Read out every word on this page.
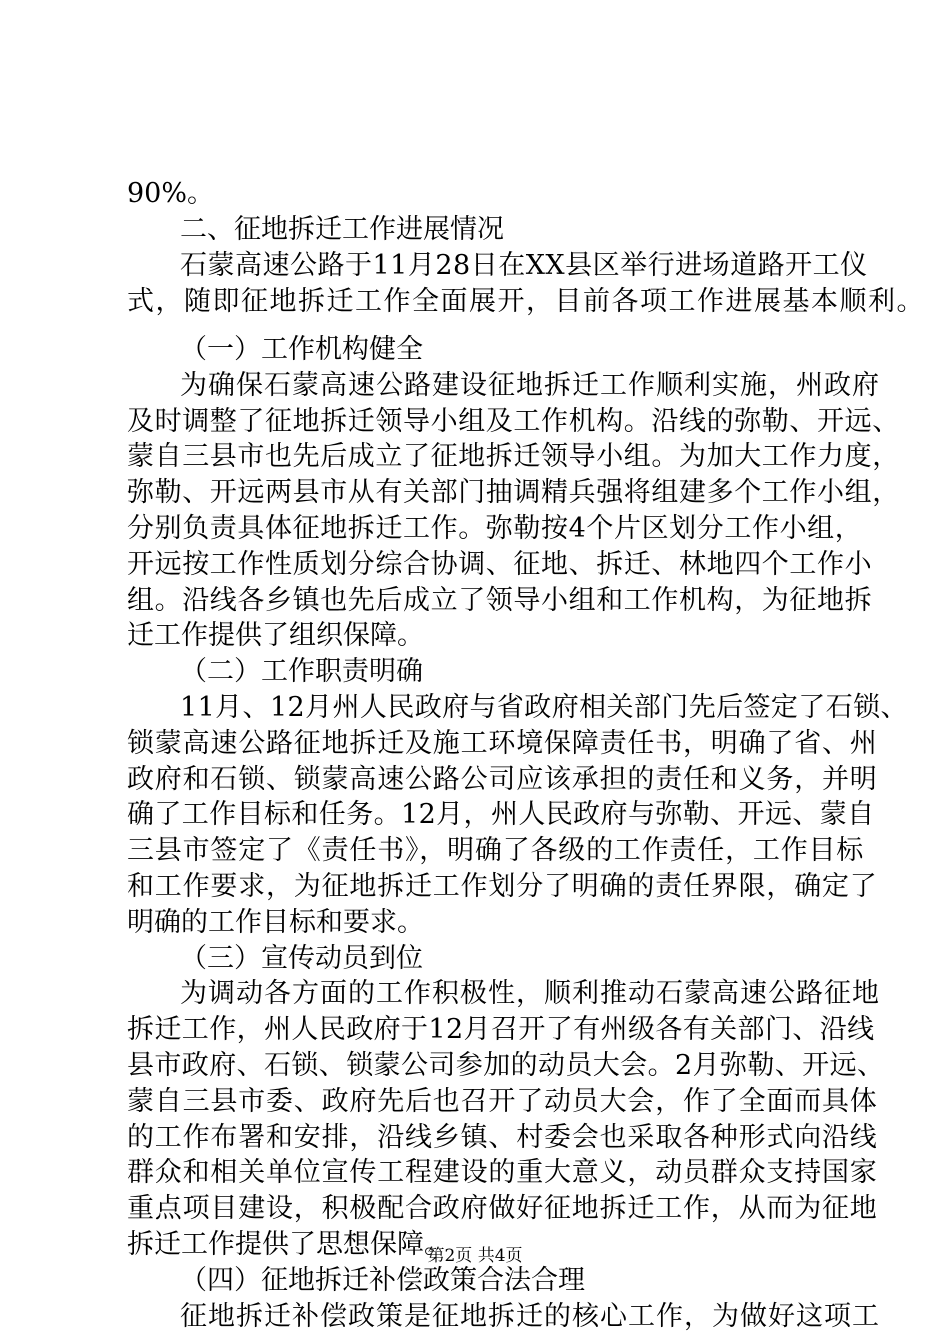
90%。
二、征地拆迁工作进展情况
石蒙高速公路于11月28日在XX县区举行进场道路开工仪
式，随即征地拆迁工作全面展开，目前各项工作进展基本顺利。
（一）工作机构健全
为确保石蒙高速公路建设征地拆迁工作顺利实施，州政府
及时调整了征地拆迁领导小组及工作机构。沿线的弥勒、开远、
蒙自三县市也先后成立了征地拆迁领导小组。为加大工作力度，
弥勒、开远两县市从有关部门抽调精兵强将组建多个工作小组，
分别负责具体征地拆迁工作。弥勒按4个片区划分工作小组，
开远按工作性质划分综合协调、征地、拆迁、林地四个工作小
组。沿线各乡镇也先后成立了领导小组和工作机构，为征地拆
迁工作提供了组织保障。
（二）工作职责明确
11月、12月州人民政府与省政府相关部门先后签定了石锁、
锁蒙高速公路征地拆迁及施工环境保障责任书，明确了省、州
政府和石锁、锁蒙高速公路公司应该承担的责任和义务，并明
确了工作目标和任务。12月，州人民政府与弥勒、开远、蒙自
三县市签定了《责任书》，明确了各级的工作责任，工作目标
和工作要求，为征地拆迁工作划分了明确的责任界限，确定了
明确的工作目标和要求。
（三）宣传动员到位
为调动各方面的工作积极性，顺利推动石蒙高速公路征地
拆迁工作，州人民政府于12月召开了有州级各有关部门、沿线
县市政府、石锁、锁蒙公司参加的动员大会。2月弥勒、开远、
蒙自三县市委、政府先后也召开了动员大会，作了全面而具体
的工作布署和安排，沿线乡镇、村委会也采取各种形式向沿线
群众和相关单位宣传工程建设的重大意义，动员群众支持国家
重点项目建设，积极配合政府做好征地拆迁工作，从而为征地
拆迁工作提供了思想保障。
（四）征地拆迁补偿政策合法合理
征地拆迁补偿政策是征地拆迁的核心工作，为做好这项工
第2页 共4页
